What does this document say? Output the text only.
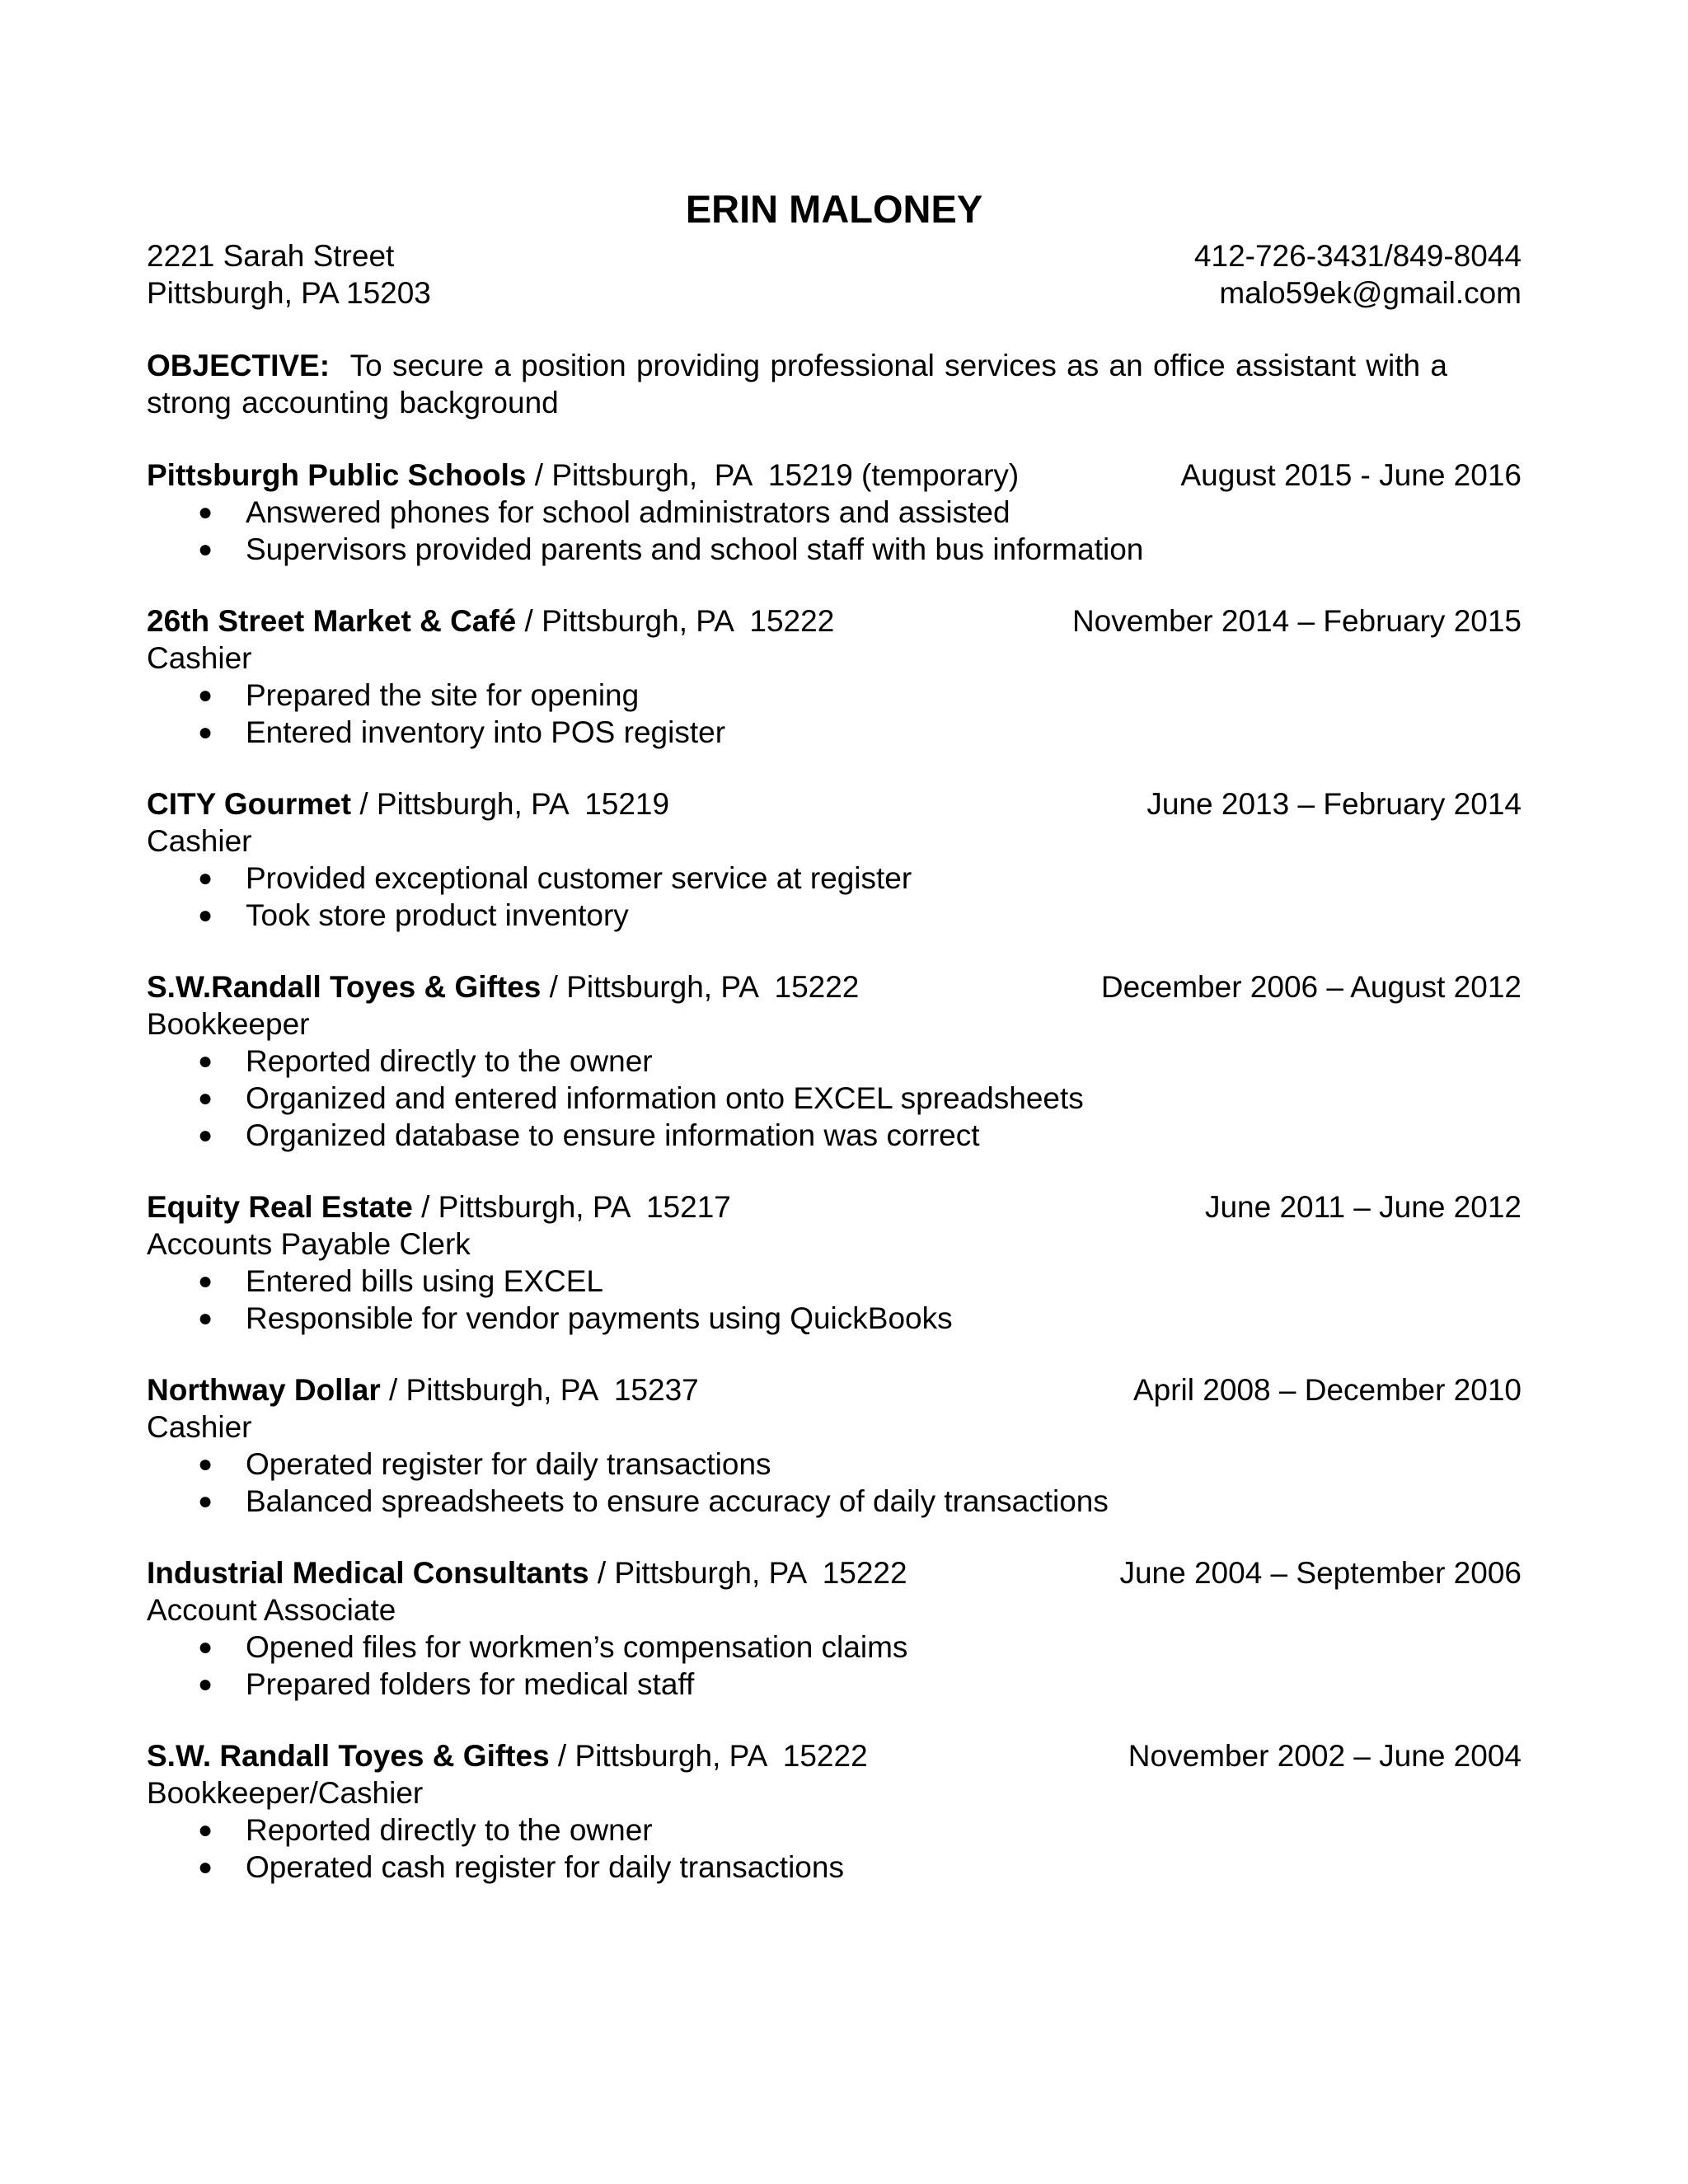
ERIN MALONEY
2221 Sarah Street	412-726-3431/849-8044
Pittsburgh, PA 15203	malo59ek@gmail.com
OBJECTIVE: To secure a position providing professional services as an office assistant with a strong accounting background
Pittsburgh Public Schools / Pittsburgh,  PA  15219 (temporary)	August 2015 - June 2016
● Answered phones for school administrators and assisted
● Supervisors provided parents and school staff with bus information
26th Street Market & Café / Pittsburgh, PA  15222	November 2014 – February 2015
Cashier
● Prepared the site for opening
● Entered inventory into POS register
CITY Gourmet / Pittsburgh, PA  15219	June 2013 – February 2014
Cashier
● Provided exceptional customer service at register
● Took store product inventory
S.W.Randall Toyes & Giftes / Pittsburgh, PA  15222	December 2006 – August 2012
Bookkeeper
● Reported directly to the owner
● Organized and entered information onto EXCEL spreadsheets
● Organized database to ensure information was correct
Equity Real Estate / Pittsburgh, PA  15217	June 2011 – June 2012
Accounts Payable Clerk
● Entered bills using EXCEL
● Responsible for vendor payments using QuickBooks
Northway Dollar / Pittsburgh, PA  15237	April 2008 – December 2010
Cashier
● Operated register for daily transactions
● Balanced spreadsheets to ensure accuracy of daily transactions
Industrial Medical Consultants / Pittsburgh, PA  15222	June 2004 – September 2006
Account Associate
● Opened files for workmen’s compensation claims
● Prepared folders for medical staff
S.W. Randall Toyes & Giftes / Pittsburgh, PA  15222	November 2002 – June 2004
Bookkeeper/Cashier
● Reported directly to the owner
● Operated cash register for daily transactions
